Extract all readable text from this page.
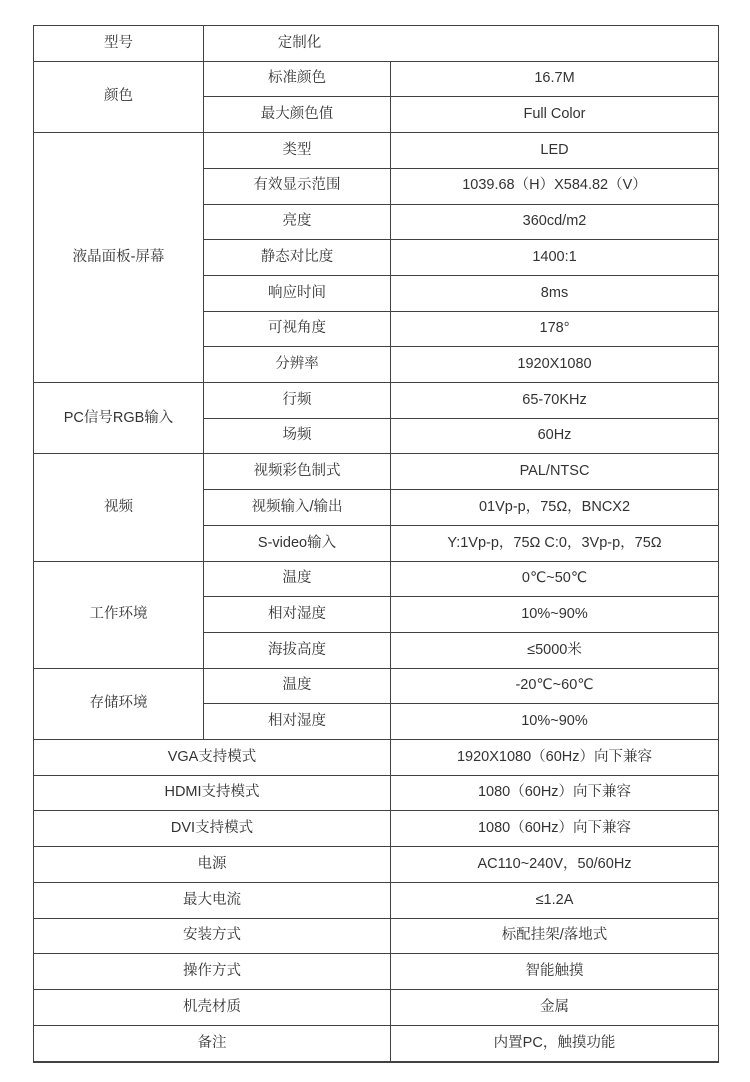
型号	定制化	

颜色	标准颜色	16.7M
	最大颜色值	Full Color
液晶面板-屏幕	类型	LED
	有效显示范围	1039.68（H）X584.82（V）
	亮度	360cd/m2
	静态对比度	1400:1
	响应时间	8ms
	可视角度	178°
	分辨率	1920X1080
PC信号RGB输入	行频	65-70KHz
	场频	60Hz
视频	视频彩色制式	PAL/NTSC
	视频输入/输出	01Vp-p，75Ω，BNCX2
	S-video输入	Y:1Vp-p，75Ω C:0，3Vp-p，75Ω
工作环境	温度	0℃~50℃
	相对湿度	10%~90%
	海拔高度	≤5000米
存储环境	温度	-20℃~60℃
	相对湿度	10%~90%
VGA支持模式		1920X1080（60Hz）向下兼容
HDMI支持模式		1080（60Hz）向下兼容
DVI支持模式		1080（60Hz）向下兼容
电源		AC110~240V，50/60Hz
最大电流		≤1.2A
安装方式		标配挂架/落地式
操作方式		智能触摸
机壳材质		金属
备注		内置PC，触摸功能
